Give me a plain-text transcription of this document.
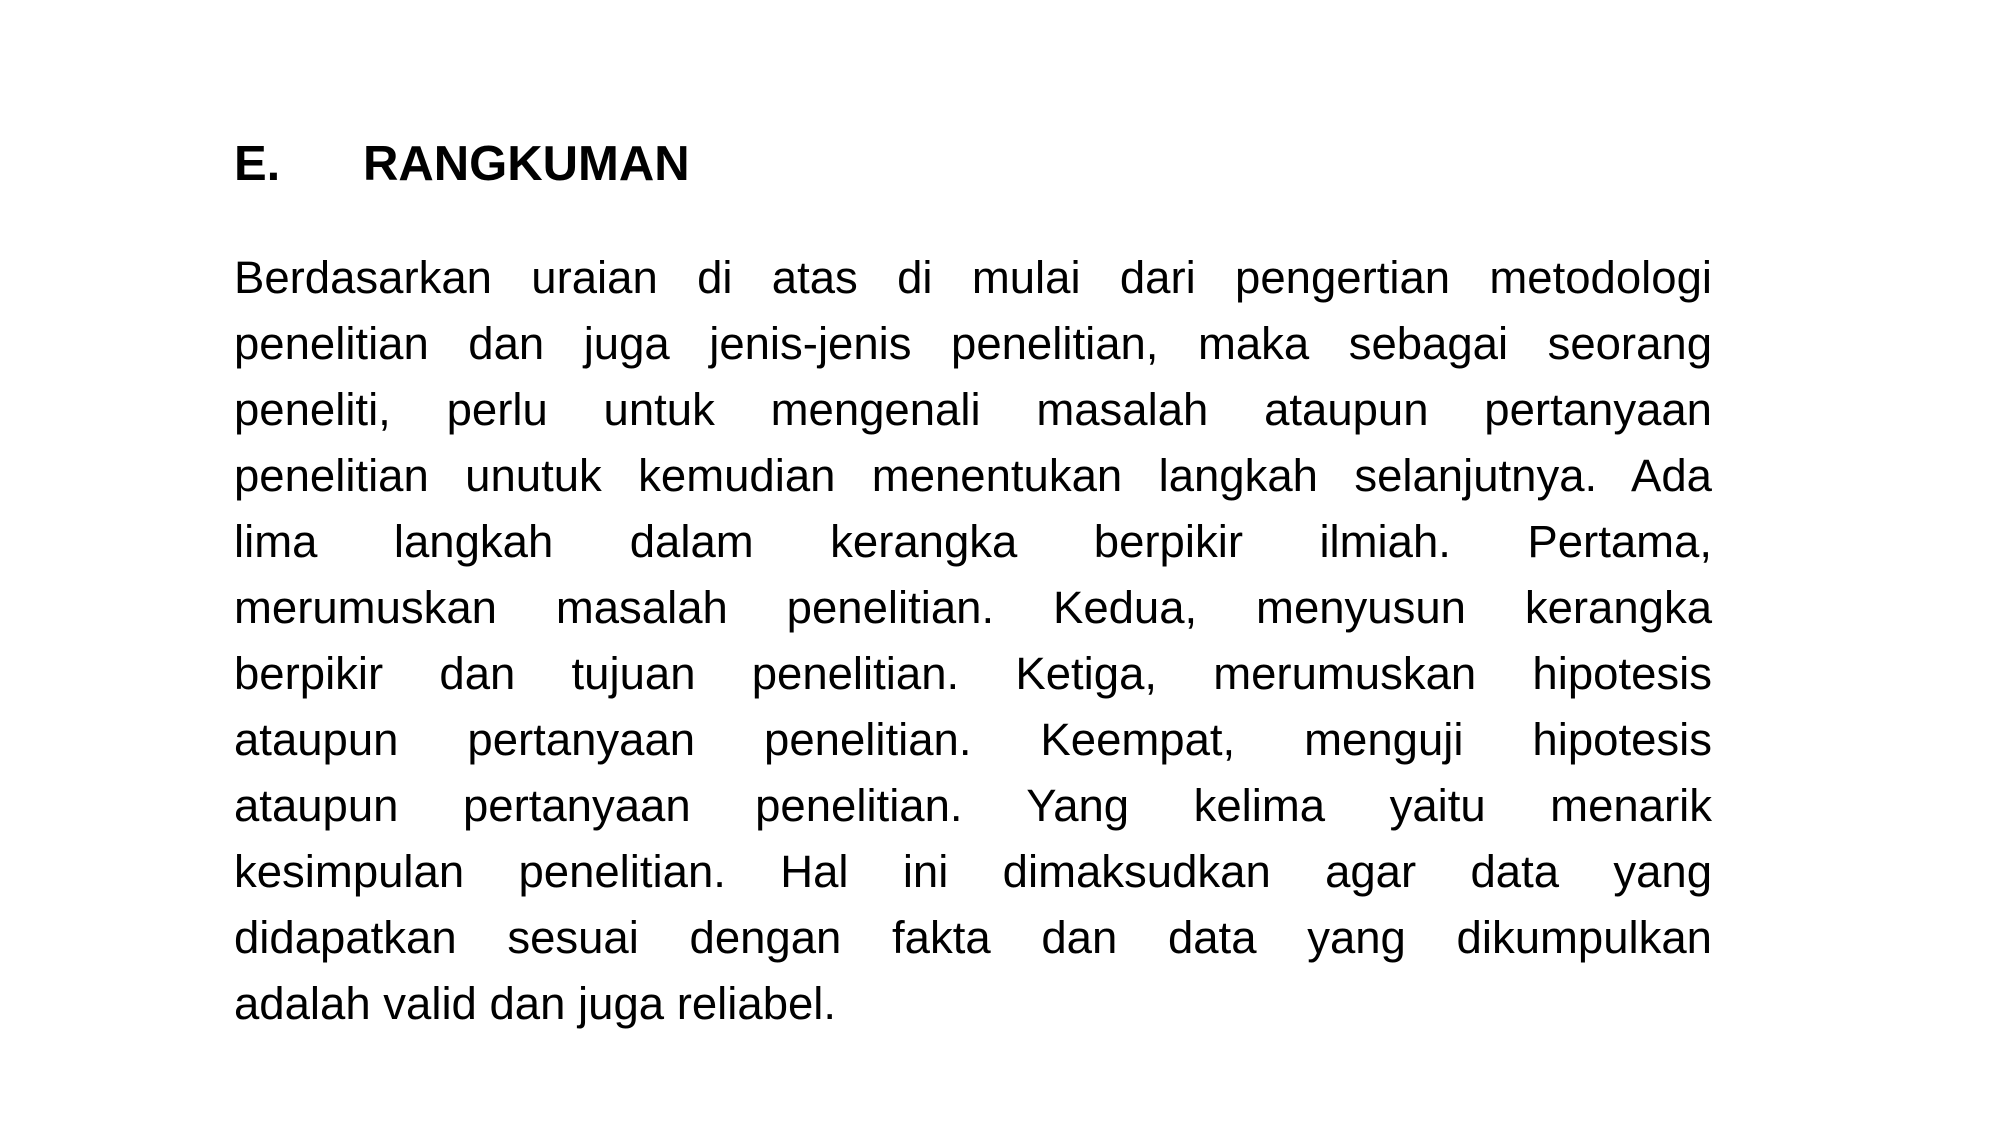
E. RANGKUMAN
Berdasarkan uraian di atas di mulai dari pengertian metodologi
penelitian dan juga jenis-jenis penelitian, maka sebagai seorang
peneliti, perlu untuk mengenali masalah ataupun pertanyaan
penelitian unutuk kemudian menentukan langkah selanjutnya. Ada
lima langkah dalam kerangka berpikir ilmiah. Pertama,
merumuskan masalah penelitian. Kedua, menyusun kerangka
berpikir dan tujuan penelitian. Ketiga, merumuskan hipotesis
ataupun pertanyaan penelitian. Keempat, menguji hipotesis
ataupun pertanyaan penelitian. Yang kelima yaitu menarik
kesimpulan penelitian. Hal ini dimaksudkan agar data yang
didapatkan sesuai dengan fakta dan data yang dikumpulkan
adalah valid dan juga reliabel.
